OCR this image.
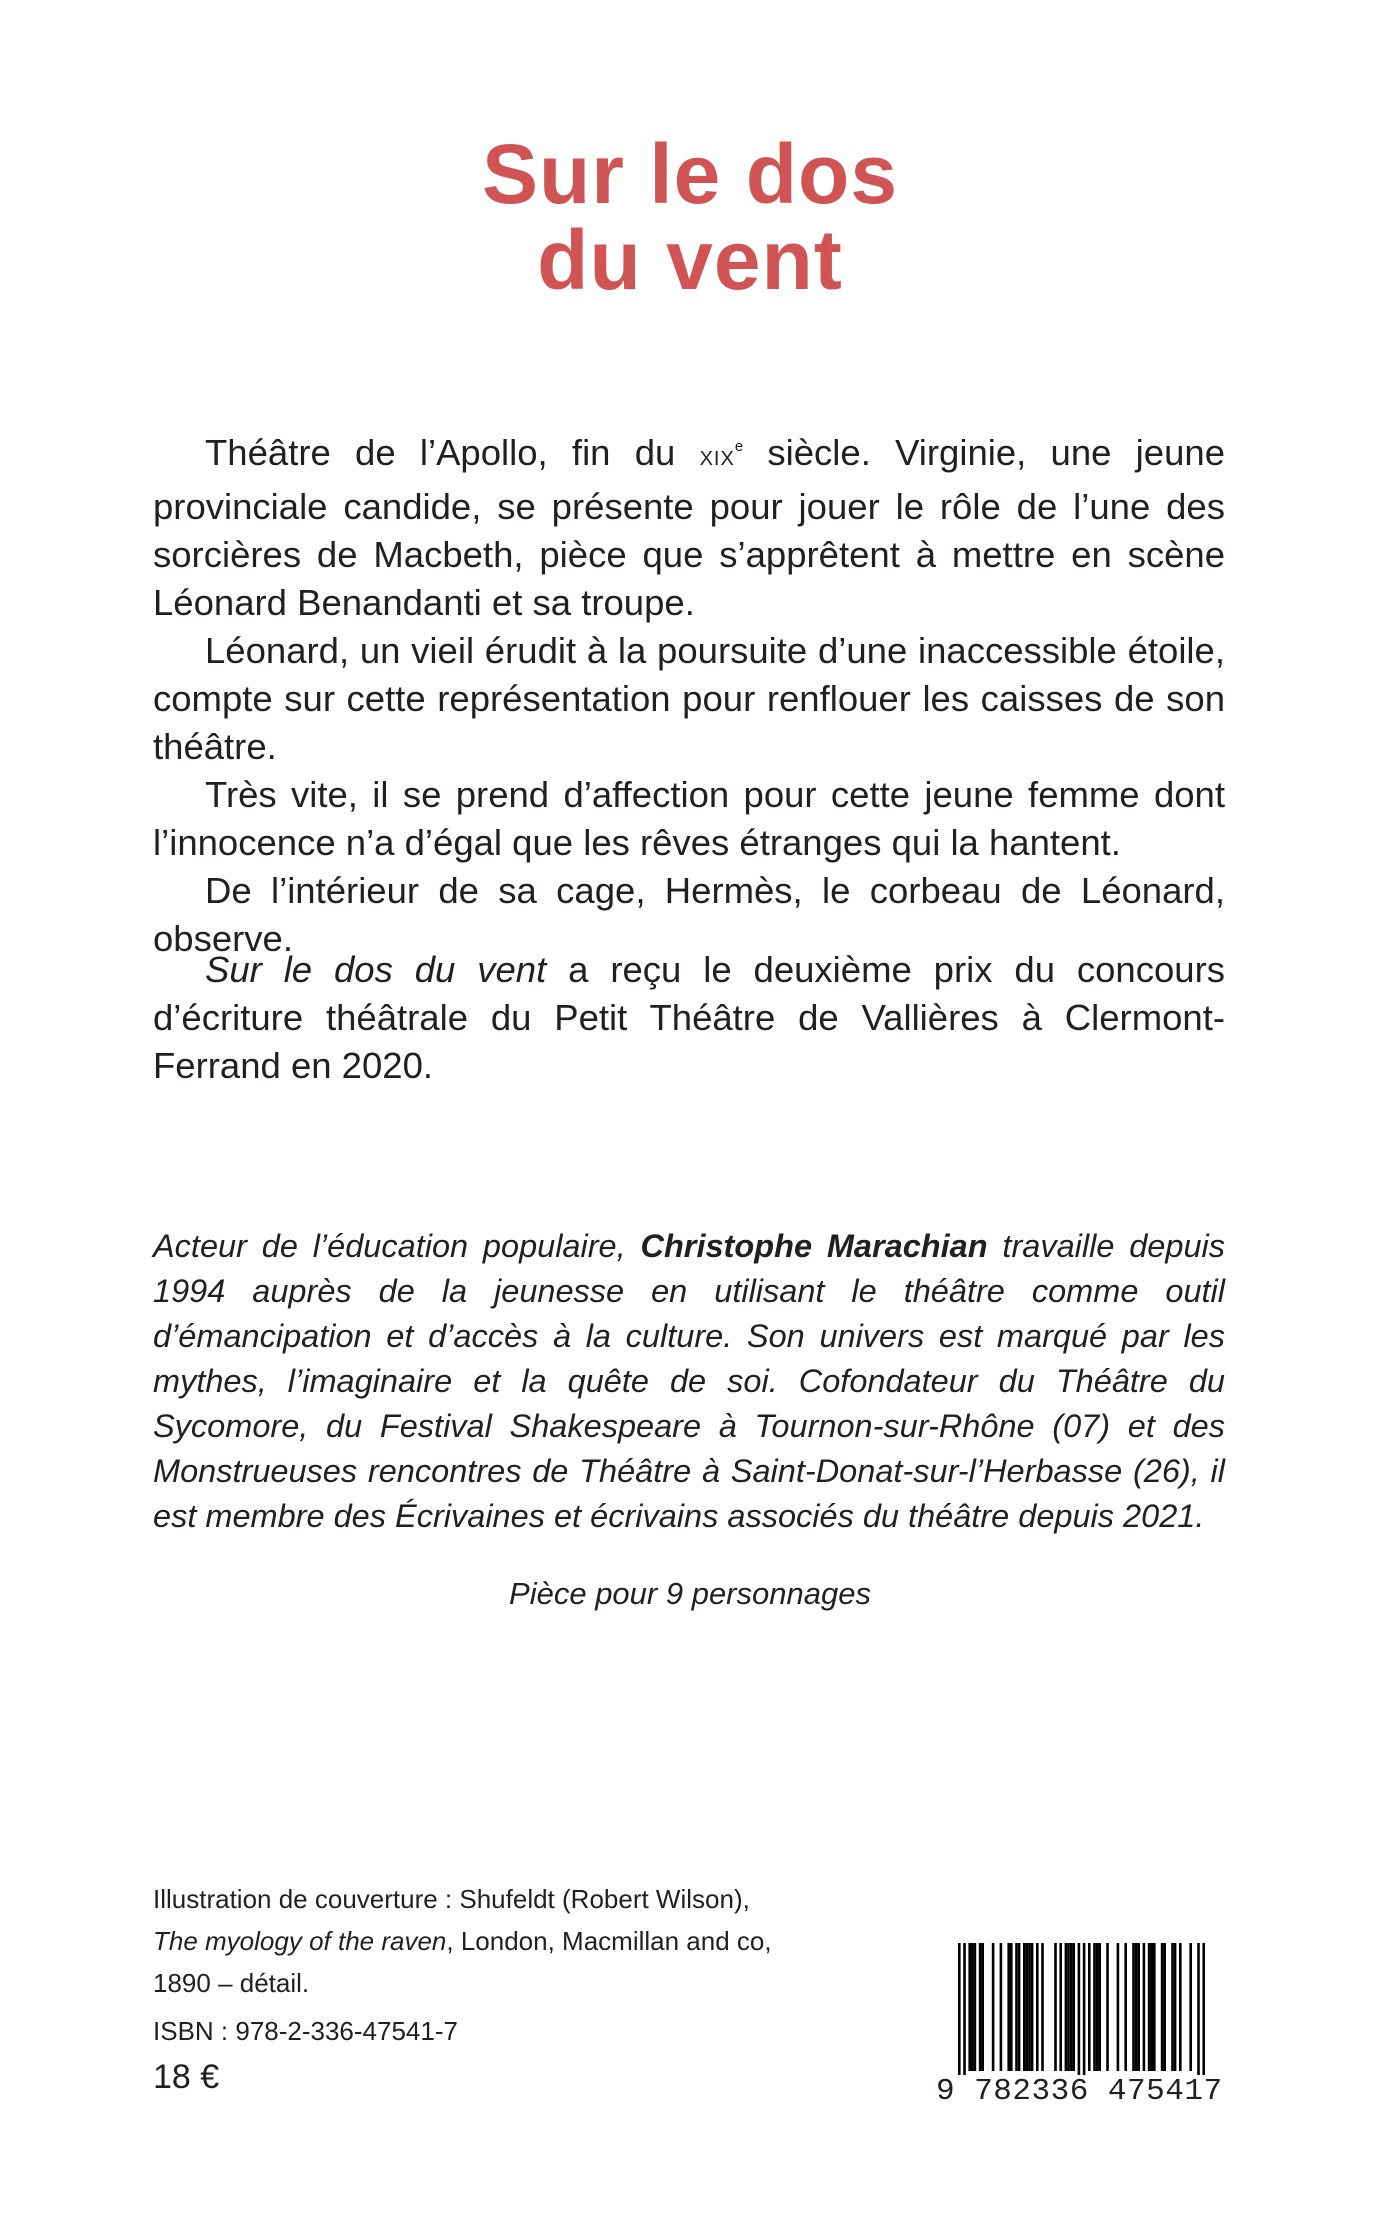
Sur le dos
du vent

Théâtre de l’Apollo, fin du XIXe siècle. Virginie, une jeune provinciale candide, se présente pour jouer le rôle de l’une des sorcières de Macbeth, pièce que s’apprêtent à mettre en scène Léonard Benandanti et sa troupe.

Léonard, un vieil érudit à la poursuite d’une inaccessible étoile, compte sur cette représentation pour renflouer les caisses de son théâtre.

Très vite, il se prend d’affection pour cette jeune femme dont l’innocence n’a d’égal que les rêves étranges qui la hantent.

De l’intérieur de sa cage, Hermès, le corbeau de Léonard, observe.

Sur le dos du vent a reçu le deuxième prix du concours d’écriture théâtrale du Petit Théâtre de Vallières à Clermont-Ferrand en 2020.

Acteur de l’éducation populaire, Christophe Marachian travaille depuis 1994 auprès de la jeunesse en utilisant le théâtre comme outil d’émancipation et d’accès à la culture. Son univers est marqué par les mythes, l’imaginaire et la quête de soi. Cofondateur du Théâtre du Sycomore, du Festival Shakespeare à Tournon-sur-Rhône (07) et des Monstrueuses rencontres de Théâtre à Saint-Donat-sur-l’Herbasse (26), il est membre des Écrivaines et écrivains associés du théâtre depuis 2021.
Pièce pour 9 personnages
Illustration de couverture : Shufeldt (Robert Wilson),
The myology of the raven, London, Macmillan and co,
1890 – détail.
ISBN : 978-2-336-47541-7
18 €	9 782336 475417
